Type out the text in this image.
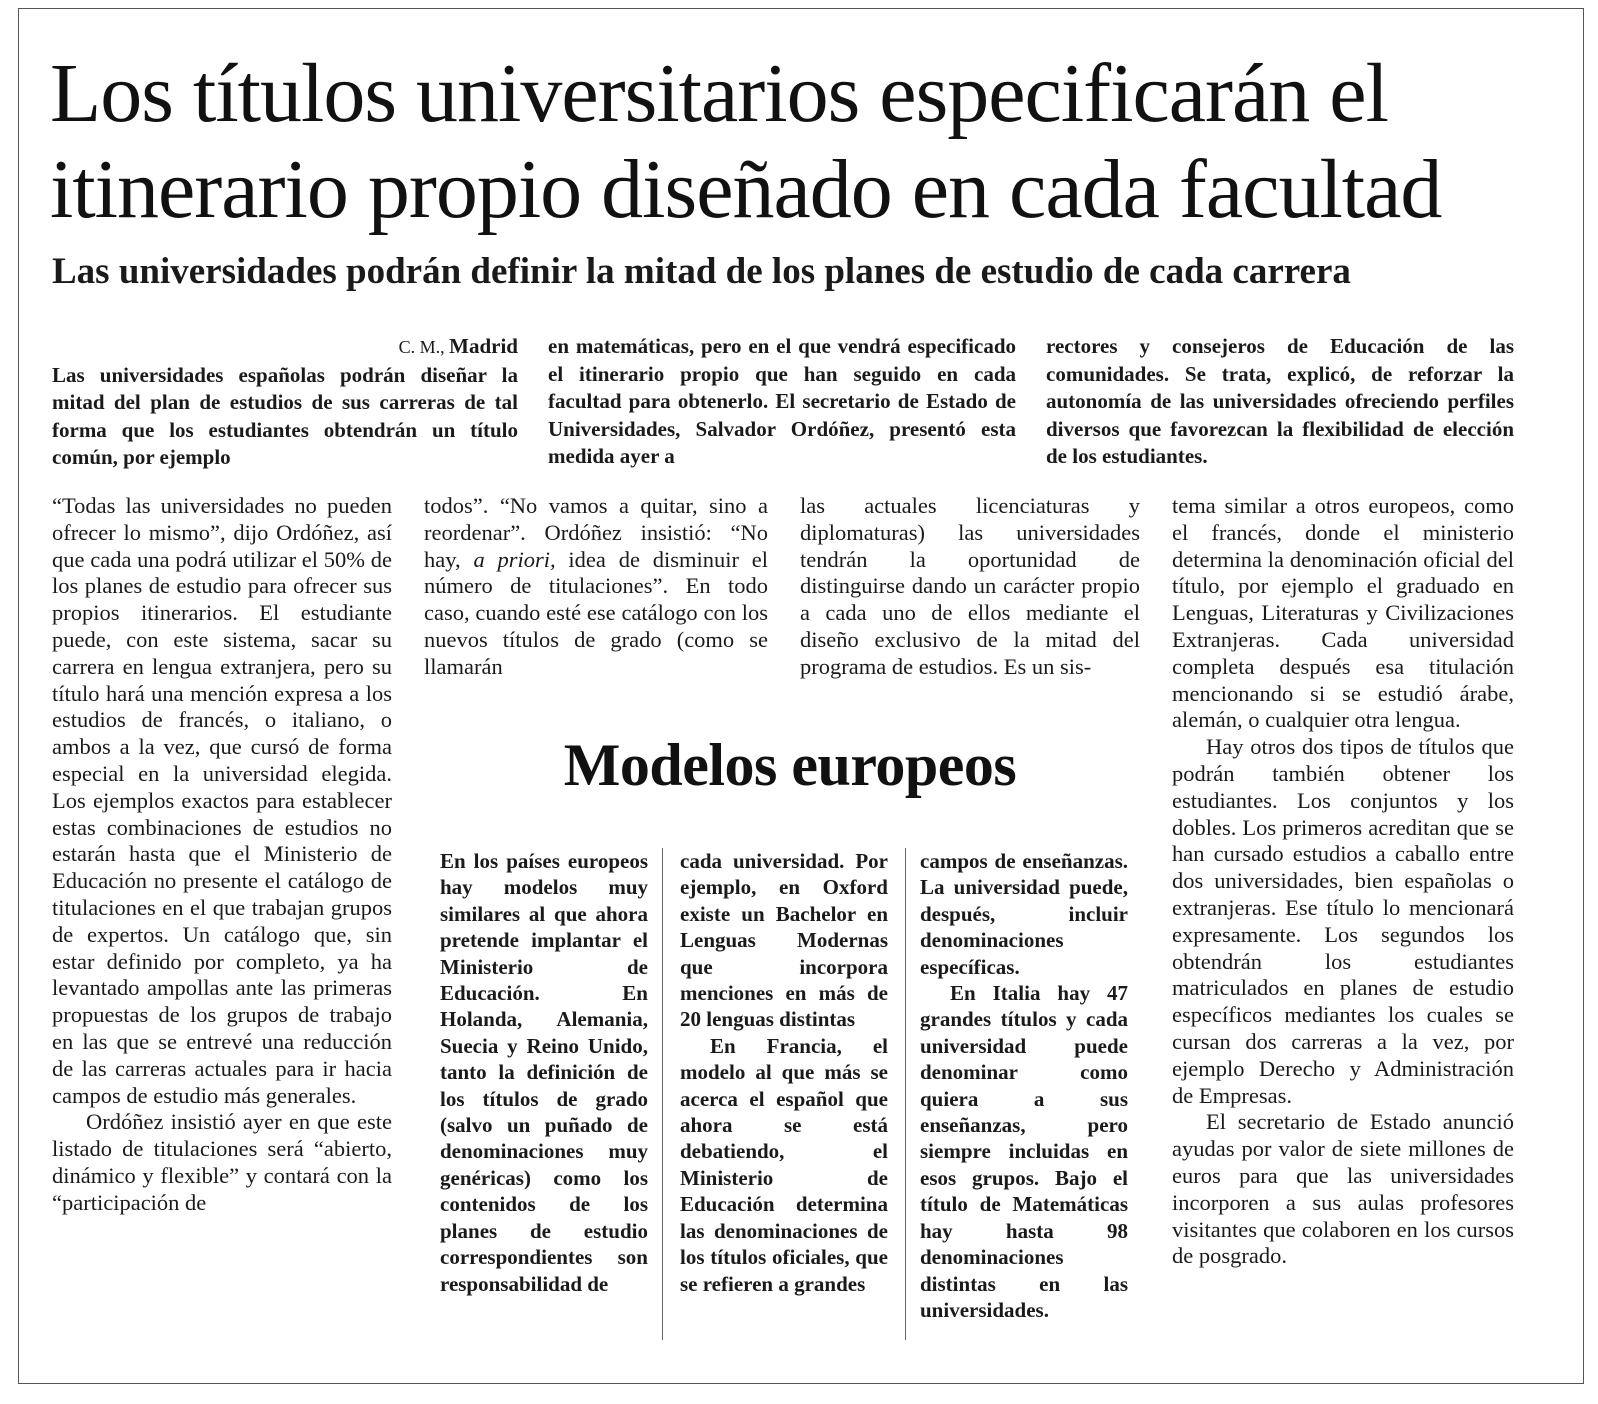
Los títulos universitarios especificarán el itinerario propio diseñado en cada facultad
Las universidades podrán definir la mitad de los planes de estudio de cada carrera
C. M., Madrid

Las universidades españolas podrán diseñar la mitad del plan de estudios de sus carreras de tal forma que los estudiantes obtendrán un título común, por ejemplo

en matemáticas, pero en el que vendrá especificado el itinerario propio que han seguido en cada facultad para obtenerlo. El secretario de Estado de Universidades, Salvador Ordóñez, presentó esta medida ayer a

rectores y consejeros de Educación de las comunidades. Se trata, explicó, de reforzar la autonomía de las universidades ofreciendo perfiles diversos que favorezcan la flexibilidad de elección de los estudiantes.

“Todas las universidades no pueden ofrecer lo mismo”, dijo Ordóñez, así que cada una podrá utilizar el 50% de los planes de estudio para ofrecer sus propios itinerarios. El estudiante puede, con este sistema, sacar su carrera en lengua extranjera, pero su título hará una mención expresa a los estudios de francés, o italiano, o ambos a la vez, que cursó de forma especial en la universidad elegida. Los ejemplos exactos para establecer estas combinaciones de estudios no estarán hasta que el Ministerio de Educación no presente el catálogo de titulaciones en el que trabajan grupos de expertos. Un catálogo que, sin estar definido por completo, ya ha levantado ampollas ante las primeras propuestas de los grupos de trabajo en las que se entrevé una reducción de las carreras actuales para ir hacia campos de estudio más generales.

Ordóñez insistió ayer en que este listado de titulaciones será “abierto, dinámico y flexible” y contará con la “participación de

todos”. “No vamos a quitar, sino a reordenar”. Ordóñez insistió: “No hay, a priori, idea de disminuir el número de titulaciones”. En todo caso, cuando esté ese catálogo con los nuevos títulos de grado (como se llamarán

las actuales licenciaturas y diplomaturas) las universidades tendrán la oportunidad de distinguirse dando un carácter propio a cada uno de ellos mediante el diseño exclusivo de la mitad del programa de estudios. Es un sis-

tema similar a otros europeos, como el francés, donde el ministerio determina la denominación oficial del título, por ejemplo el graduado en Lenguas, Literaturas y Civilizaciones Extranjeras. Cada universidad completa después esa titulación mencionando si se estudió árabe, alemán, o cualquier otra lengua.

Hay otros dos tipos de títulos que podrán también obtener los estudiantes. Los conjuntos y los dobles. Los primeros acreditan que se han cursado estudios a caballo entre dos universidades, bien españolas o extranjeras. Ese título lo mencionará expresamente. Los segundos los obtendrán los estudiantes matriculados en planes de estudio específicos mediantes los cuales se cursan dos carreras a la vez, por ejemplo Derecho y Administración de Empresas.

El secretario de Estado anunció ayudas por valor de siete millones de euros para que las universidades incorporen a sus aulas profesores visitantes que colaboren en los cursos de posgrado.

Modelos europeos

En los países europeos hay modelos muy similares al que ahora pretende implantar el Ministerio de Educación. En Holanda, Alemania, Suecia y Reino Unido, tanto la definición de los títulos de grado (salvo un puñado de denominaciones muy genéricas) como los contenidos de los planes de estudio correspondientes son responsabilidad de

cada universidad. Por ejemplo, en Oxford existe un Bachelor en Lenguas Modernas que incorpora menciones en más de 20 lenguas distintas

En Francia, el modelo al que más se acerca el español que ahora se está debatiendo, el Ministerio de Educación determina las denominaciones de los títulos oficiales, que se refieren a grandes

campos de enseñanzas. La universidad puede, después, incluir denominaciones específicas.

En Italia hay 47 grandes títulos y cada universidad puede denominar como quiera a sus enseñanzas, pero siempre incluidas en esos grupos. Bajo el título de Matemáticas hay hasta 98 denominaciones distintas en las universidades.
